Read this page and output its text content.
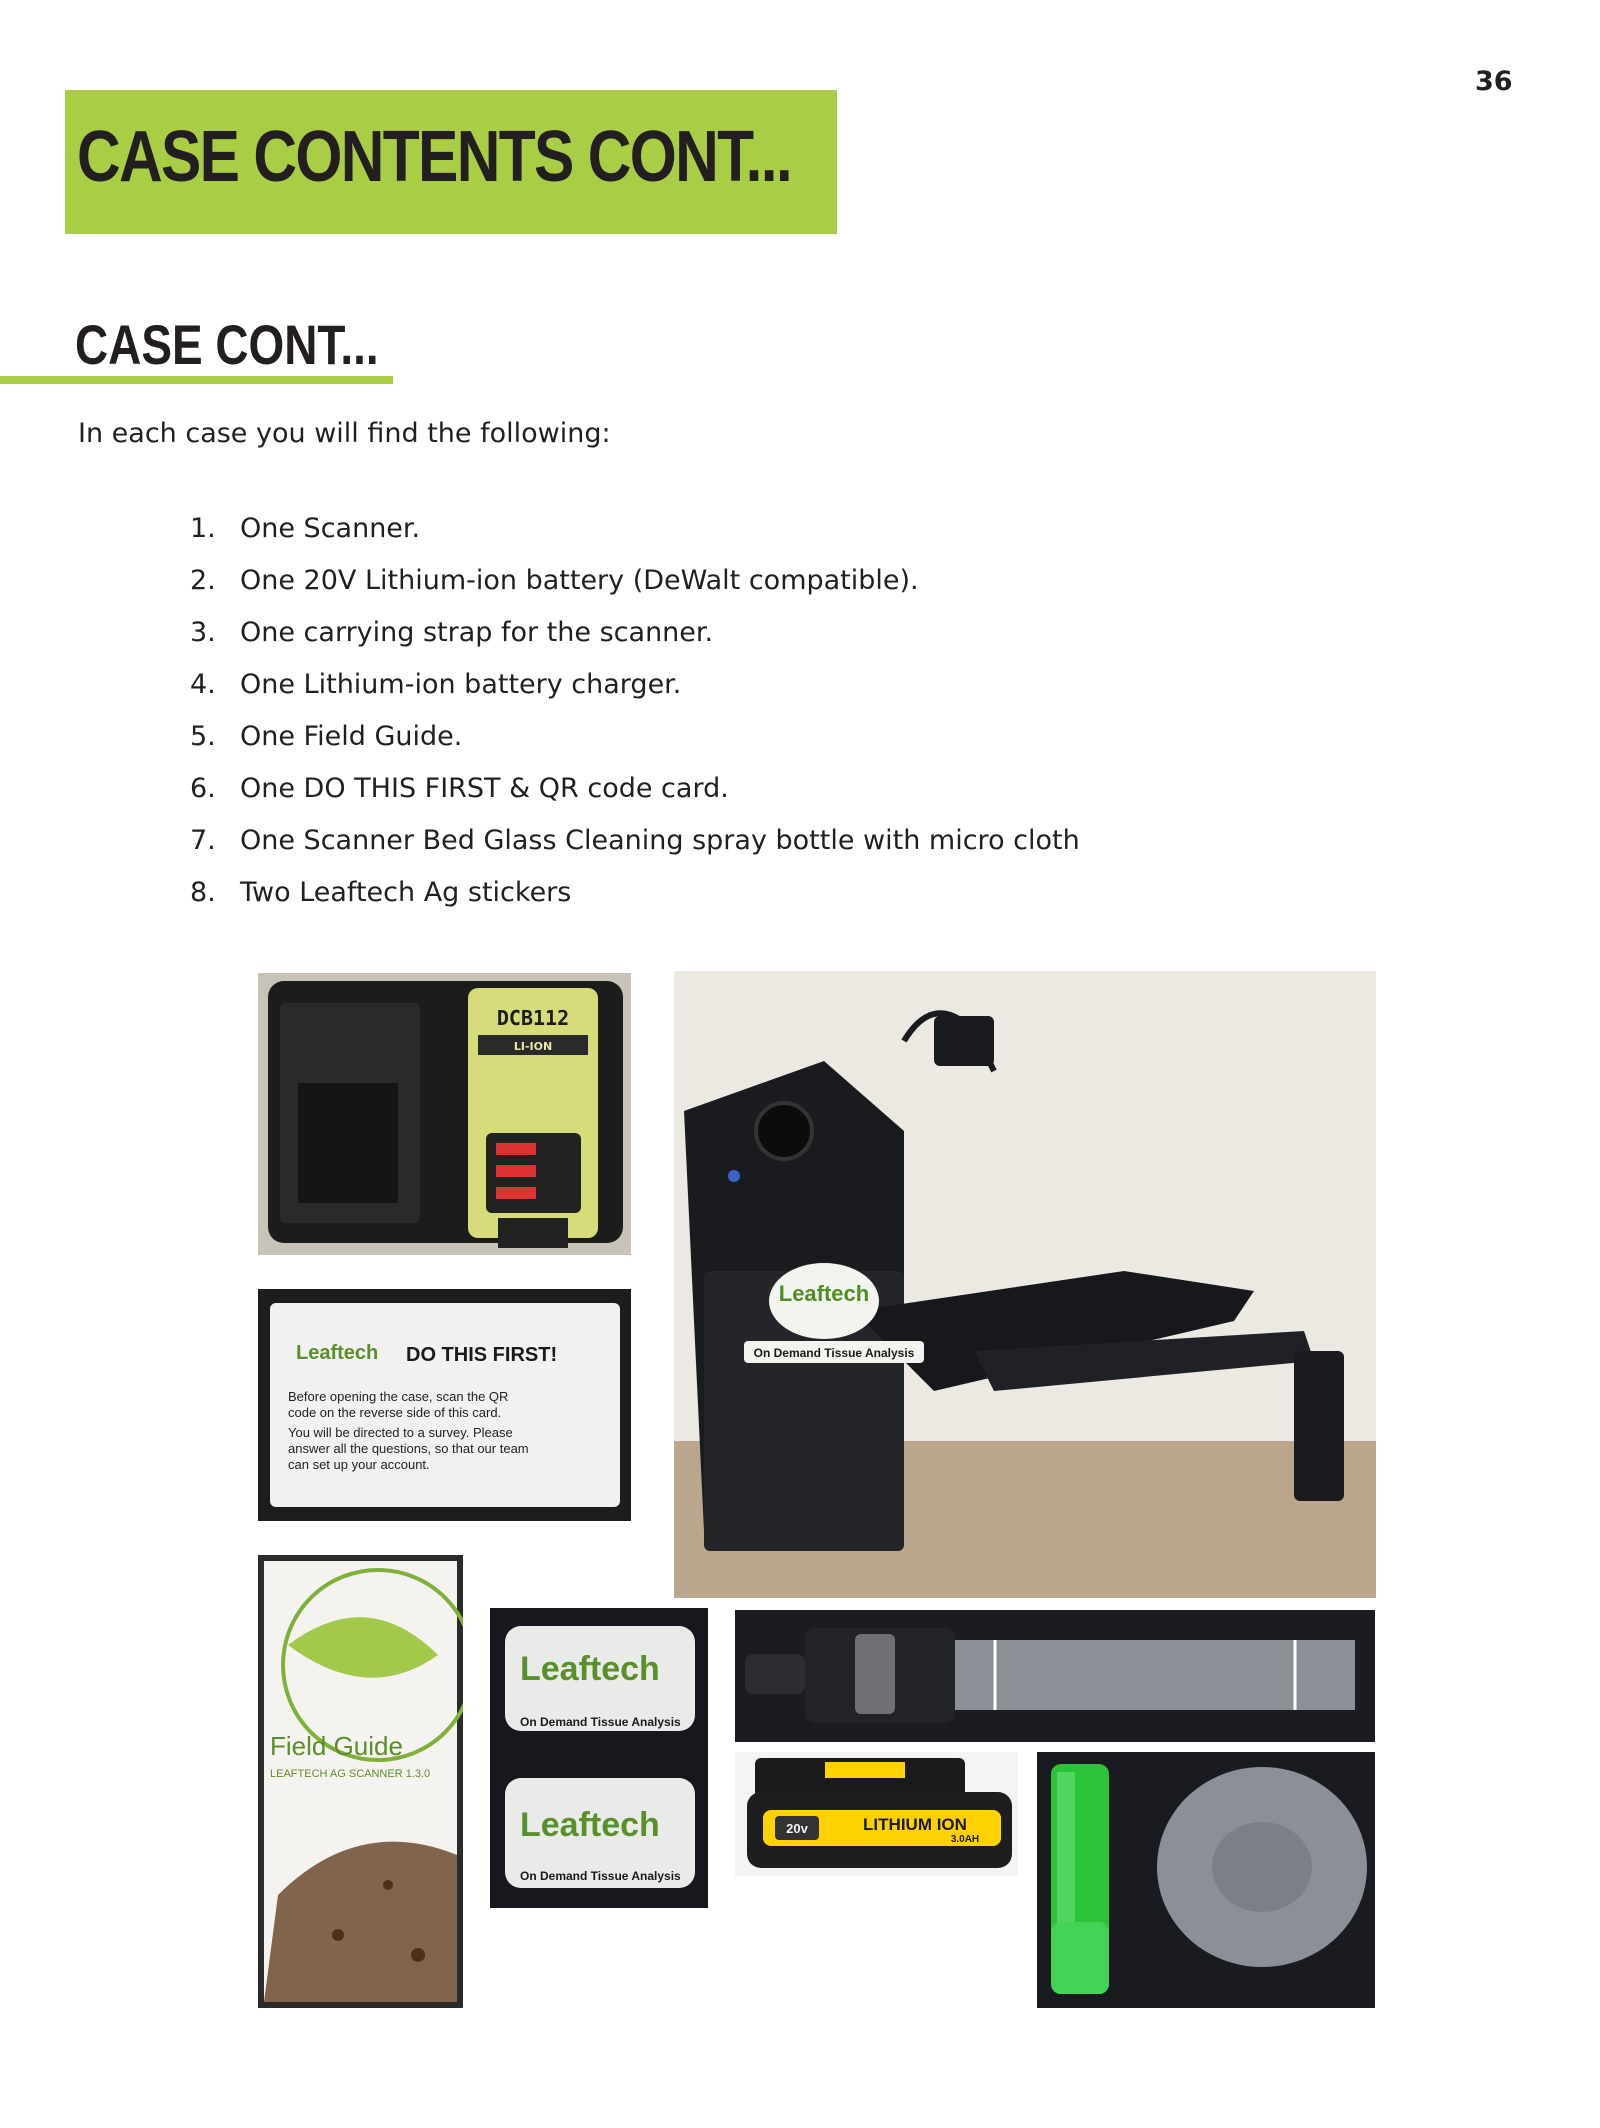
36
CASE CONTENTS CONT...
CASE CONT...

In each case you will find the following:

1. One Scanner.
2. One 20V Lithium-ion battery (DeWalt compatible).
3. One carrying strap for the scanner.
4. One Lithium-ion battery charger.
5. One Field Guide.
6. One DO THIS FIRST & QR code card.
7. One Scanner Bed Glass Cleaning spray bottle with micro cloth
8. Two Leaftech Ag stickers
DCB112
LI-ION
Leaftech DO THIS FIRST!
Before opening the case, scan the QR
code on the reverse side of this card.
You will be directed to a survey. Please
answer all the questions, so that our team
can set up your account.
Leaftech
On Demand Tissue Analysis
Field Guide
LEAFTECH AG SCANNER 1.3.0
Leaftech
On Demand Tissue Analysis
Leaftech
On Demand Tissue Analysis
20v	LITHIUM ION
3.0AH
